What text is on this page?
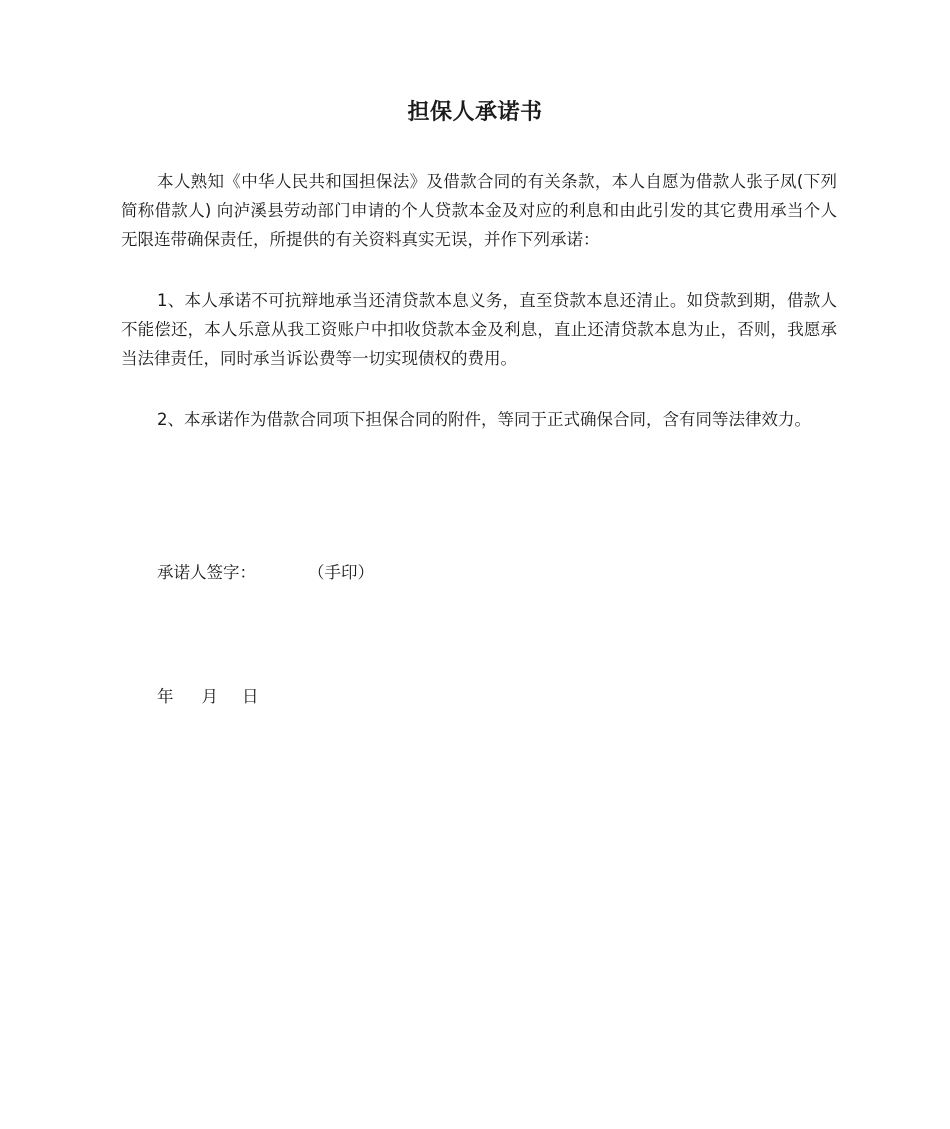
担保人承诺书

本人熟知《中华人民共和国担保法》及借款合同的有关条款，本人自愿为借款人张子凤(下列简称借款人) 向泸溪县劳动部门申请的个人贷款本金及对应的利息和由此引发的其它费用承当个人无限连带确保责任，所提供的有关资料真实无误，并作下列承诺：

1、本人承诺不可抗辩地承当还清贷款本息义务，直至贷款本息还清止。如贷款到期，借款人不能偿还，本人乐意从我工资账户中扣收贷款本金及利息，直止还清贷款本息为止，否则，我愿承当法律责任，同时承当诉讼费等一切实现债权的费用。

2、本承诺作为借款合同项下担保合同的附件，等同于正式确保合同，含有同等法律效力。

承诺人签字：	（手印）
年 月 日
